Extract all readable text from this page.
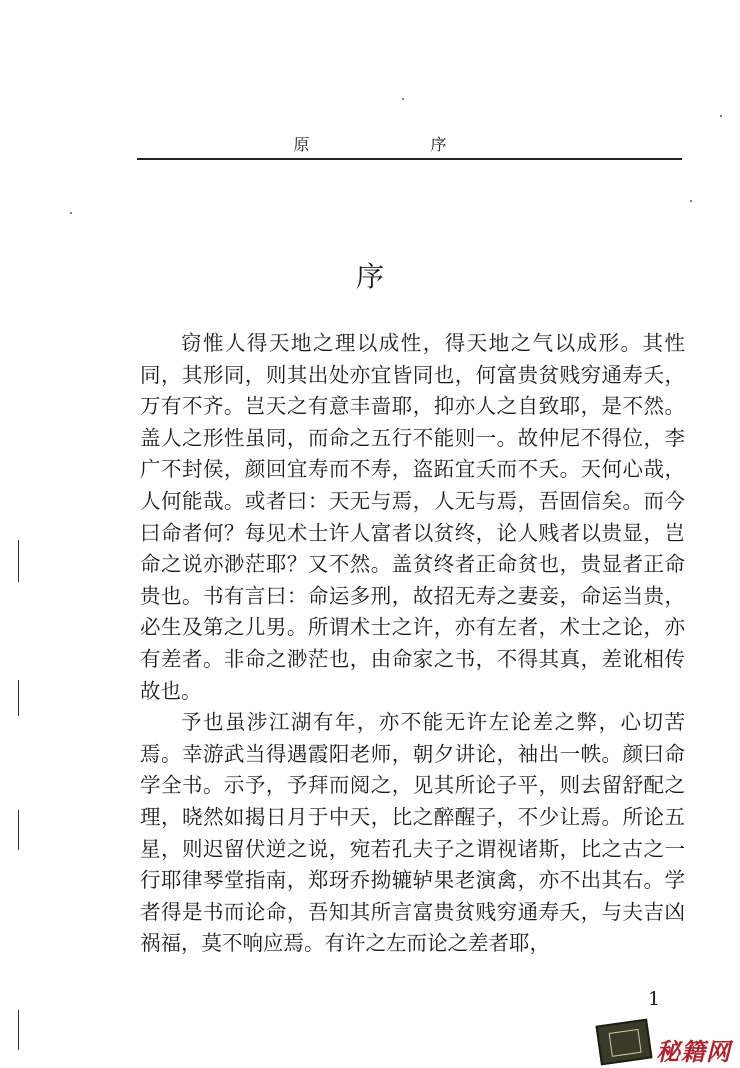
原 序
序

窃惟人得天地之理以成性，得天地之气以成形。其性同，其形同，则其出处亦宜皆同也，何富贵贫贱穷通寿夭，万有不齐。岂天之有意丰啬耶，抑亦人之自致耶，是不然。盖人之形性虽同，而命之五行不能则一。故仲尼不得位，李广不封侯，颜回宜寿而不寿，盗跖宜夭而不夭。天何心哉，人何能哉。或者曰：天无与焉，人无与焉，吾固信矣。而今曰命者何？每见术士许人富者以贫终，论人贱者以贵显，岂命之说亦渺茫耶？又不然。盖贫终者正命贫也，贵显者正命贵也。书有言曰：命运多刑，故招无寿之妻妾，命运当贵，必生及第之儿男。所谓术士之许，亦有左者，术士之论，亦有差者。非命之渺茫也，由命家之书，不得其真，差讹相传故也。

予也虽涉江湖有年，亦不能无许左论差之弊，心切苦焉。幸游武当得遇霞阳老师，朝夕讲论，袖出一帙。颜曰命学全书。示予，予拜而阅之，见其所论子平，则去留舒配之理，晓然如揭日月于中天，比之醉醒子，不少让焉。所论五星，则迟留伏逆之说，宛若孔夫子之谓视诸斯，比之古之一行耶律琴堂指南，郑玡乔拗辘轳果老演禽，亦不出其右。学者得是书而论命，吾知其所言富贵贫贱穷通寿夭，与夫吉凶祸福，莫不响应焉。有许之左而论之差者耶，

1
秘籍网
